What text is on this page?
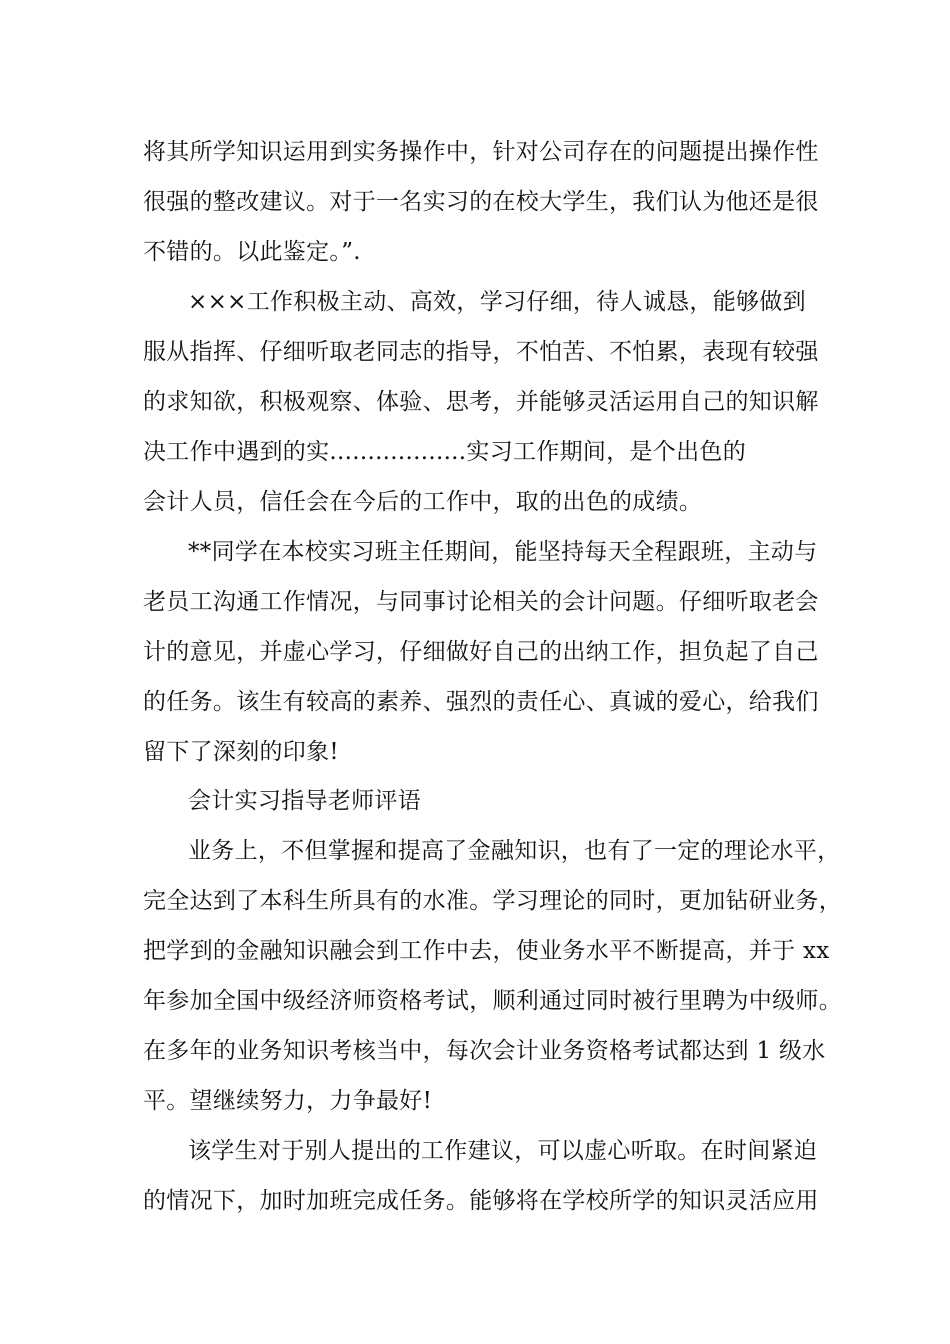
将其所学知识运用到实务操作中，针对公司存在的问题提出操作性
很强的整改建议。对于一名实习的在校大学生，我们认为他还是很
不错的。以此鉴定。”.
×××工作积极主动、高效，学习仔细，待人诚恳，能够做到
服从指挥、仔细听取老同志的指导，不怕苦、不怕累，表现有较强
的求知欲，积极观察、体验、思考，并能够灵活运用自己的知识解
决工作中遇到的实..................实习工作期间，是个出色的
会计人员，信任会在今后的工作中，取的出色的成绩。
**同学在本校实习班主任期间，能坚持每天全程跟班，主动与
老员工沟通工作情况，与同事讨论相关的会计问题。仔细听取老会
计的意见，并虚心学习，仔细做好自己的出纳工作，担负起了自己
的任务。该生有较高的素养、强烈的责任心、真诚的爱心，给我们
留下了深刻的印象!
会计实习指导老师评语
业务上，不但掌握和提高了金融知识，也有了一定的理论水平，
完全达到了本科生所具有的水准。学习理论的同时，更加钻研业务，
把学到的金融知识融会到工作中去，使业务水平不断提高，并于 xx
年参加全国中级经济师资格考试，顺利通过同时被行里聘为中级师。
在多年的业务知识考核当中，每次会计业务资格考试都达到 1 级水
平。望继续努力，力争最好!
该学生对于别人提出的工作建议，可以虚心听取。在时间紧迫
的情况下，加时加班完成任务。能够将在学校所学的知识灵活应用
